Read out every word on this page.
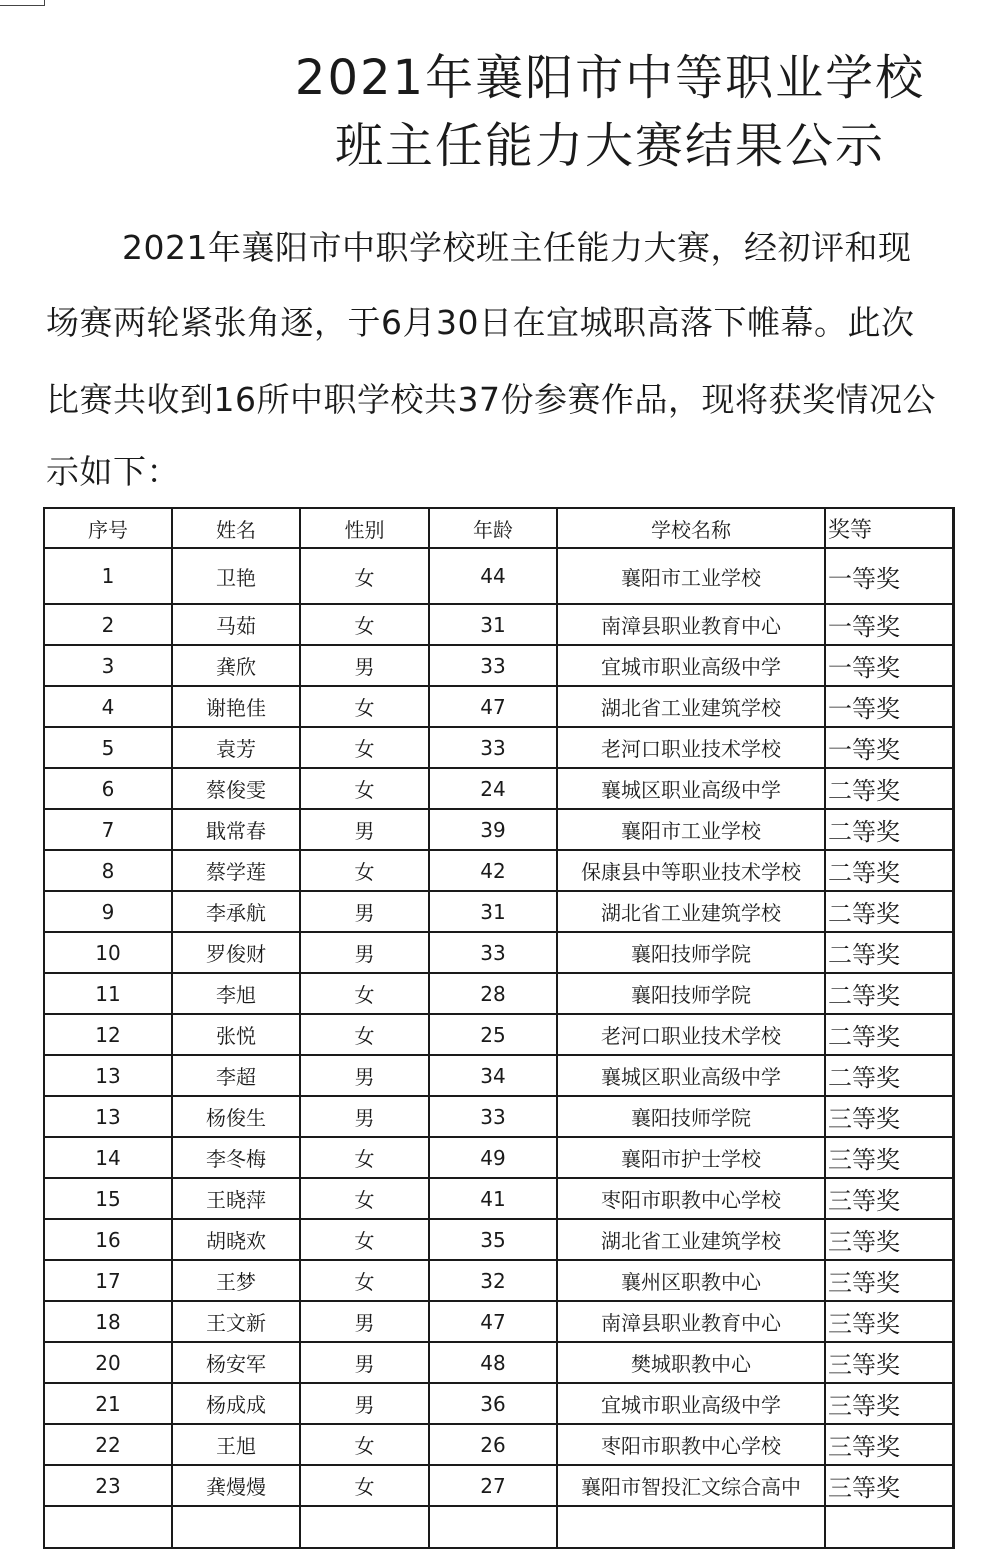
2021年襄阳市中等职业学校
班主任能力大赛结果公示
2021年襄阳市中职学校班主任能力大赛，经初评和现
场赛两轮紧张角逐，于6月30日在宜城职高落下帷幕。此次
比赛共收到16所中职学校共37份参赛作品，现将获奖情况公
示如下：
序号	姓名	性别	年龄	学校名称	奖等
1	卫艳	女	44	襄阳市工业学校	一等奖
2	马茹	女	31	南漳县职业教育中心	一等奖
3	龚欣	男	33	宜城市职业高级中学	一等奖
4	谢艳佳	女	47	湖北省工业建筑学校	一等奖
5	袁芳	女	33	老河口职业技术学校	一等奖
6	蔡俊雯	女	24	襄城区职业高级中学	二等奖
7	戢常春	男	39	襄阳市工业学校	二等奖
8	蔡学莲	女	42	保康县中等职业技术学校	二等奖
9	李承航	男	31	湖北省工业建筑学校	二等奖
10	罗俊财	男	33	襄阳技师学院	二等奖
11	李旭	女	28	襄阳技师学院	二等奖
12	张悦	女	25	老河口职业技术学校	二等奖
13	李超	男	34	襄城区职业高级中学	二等奖
13	杨俊生	男	33	襄阳技师学院	三等奖
14	李冬梅	女	49	襄阳市护士学校	三等奖
15	王晓萍	女	41	枣阳市职教中心学校	三等奖
16	胡晓欢	女	35	湖北省工业建筑学校	三等奖
17	王梦	女	32	襄州区职教中心	三等奖
18	王文新	男	47	南漳县职业教育中心	三等奖
20	杨安军	男	48	樊城职教中心	三等奖
21	杨成成	男	36	宜城市职业高级中学	三等奖
22	王旭	女	26	枣阳市职教中心学校	三等奖
23	龚熳熳	女	27	襄阳市智投汇文综合高中	三等奖
